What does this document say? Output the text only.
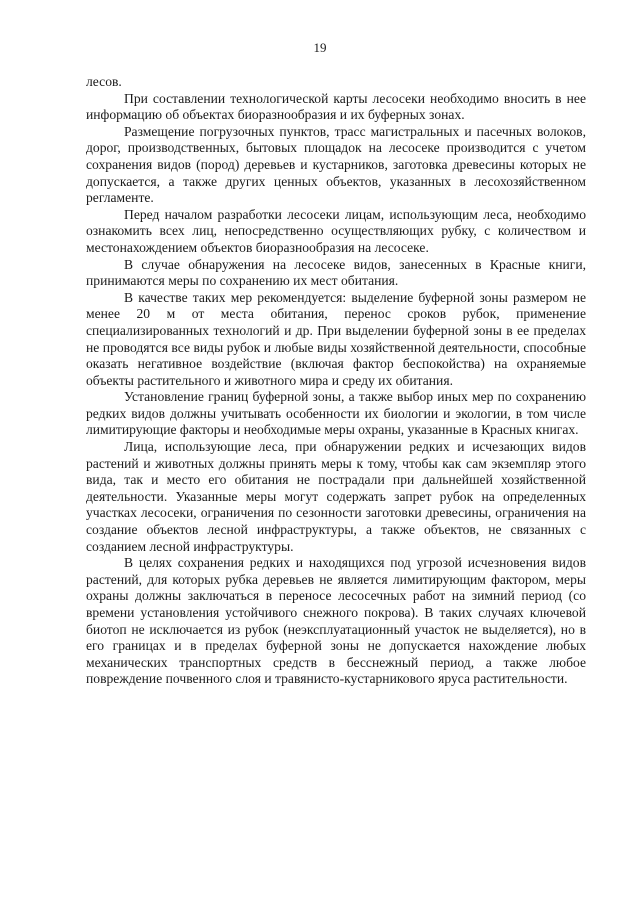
19

лесов.

При составлении технологической карты лесосеки необходимо вносить в нее информацию об объектах биоразнообразия и их буферных зонах.

Размещение погрузочных пунктов, трасс магистральных и пасечных волоков, дорог, производственных, бытовых площадок на лесосеке производится с учетом сохранения видов (пород) деревьев и кустарников, заготовка древесины которых не допускается, а также других ценных объектов, указанных в лесохозяйственном регламенте.

Перед началом разработки лесосеки лицам, использующим леса, необходимо ознакомить всех лиц, непосредственно осуществляющих рубку, с количеством и местонахождением объектов биоразнообразия на лесосеке.

В случае обнаружения на лесосеке видов, занесенных в Красные книги, принимаются меры по сохранению их мест обитания.

В качестве таких мер рекомендуется: выделение буферной зоны размером не менее 20 м от места обитания, перенос сроков рубок, применение специализированных технологий и др. При выделении буферной зоны в ее пределах не проводятся все виды рубок и любые виды хозяйственной деятельности, способные оказать негативное воздействие (включая фактор беспокойства) на охраняемые объекты растительного и животного мира и среду их обитания.

Установление границ буферной зоны, а также выбор иных мер по сохранению редких видов должны учитывать особенности их биологии и экологии, в том числе лимитирующие факторы и необходимые меры охраны, указанные в Красных книгах.

Лица, использующие леса, при обнаружении редких и исчезающих видов растений и животных должны принять меры к тому, чтобы как сам экземпляр этого вида, так и место его обитания не пострадали при дальнейшей хозяйственной деятельности. Указанные меры могут содержать запрет рубок на определенных участках лесосеки, ограничения по сезонности заготовки древесины, ограничения на создание объектов лесной инфраструктуры, а также объектов, не связанных с созданием лесной инфраструктуры.

В целях сохранения редких и находящихся под угрозой исчезновения видов растений, для которых рубка деревьев не является лимитирующим фактором, меры охраны должны заключаться в переносе лесосечных работ на зимний период (со времени установления устойчивого снежного покрова). В таких случаях ключевой биотоп не исключается из рубок (неэксплуатационный участок не выделяется), но в его границах и в пределах буферной зоны не допускается нахождение любых механических транспортных средств в бесснежный период, а также любое повреждение почвенного слоя и травянисто-кустарникового яруса растительности.
